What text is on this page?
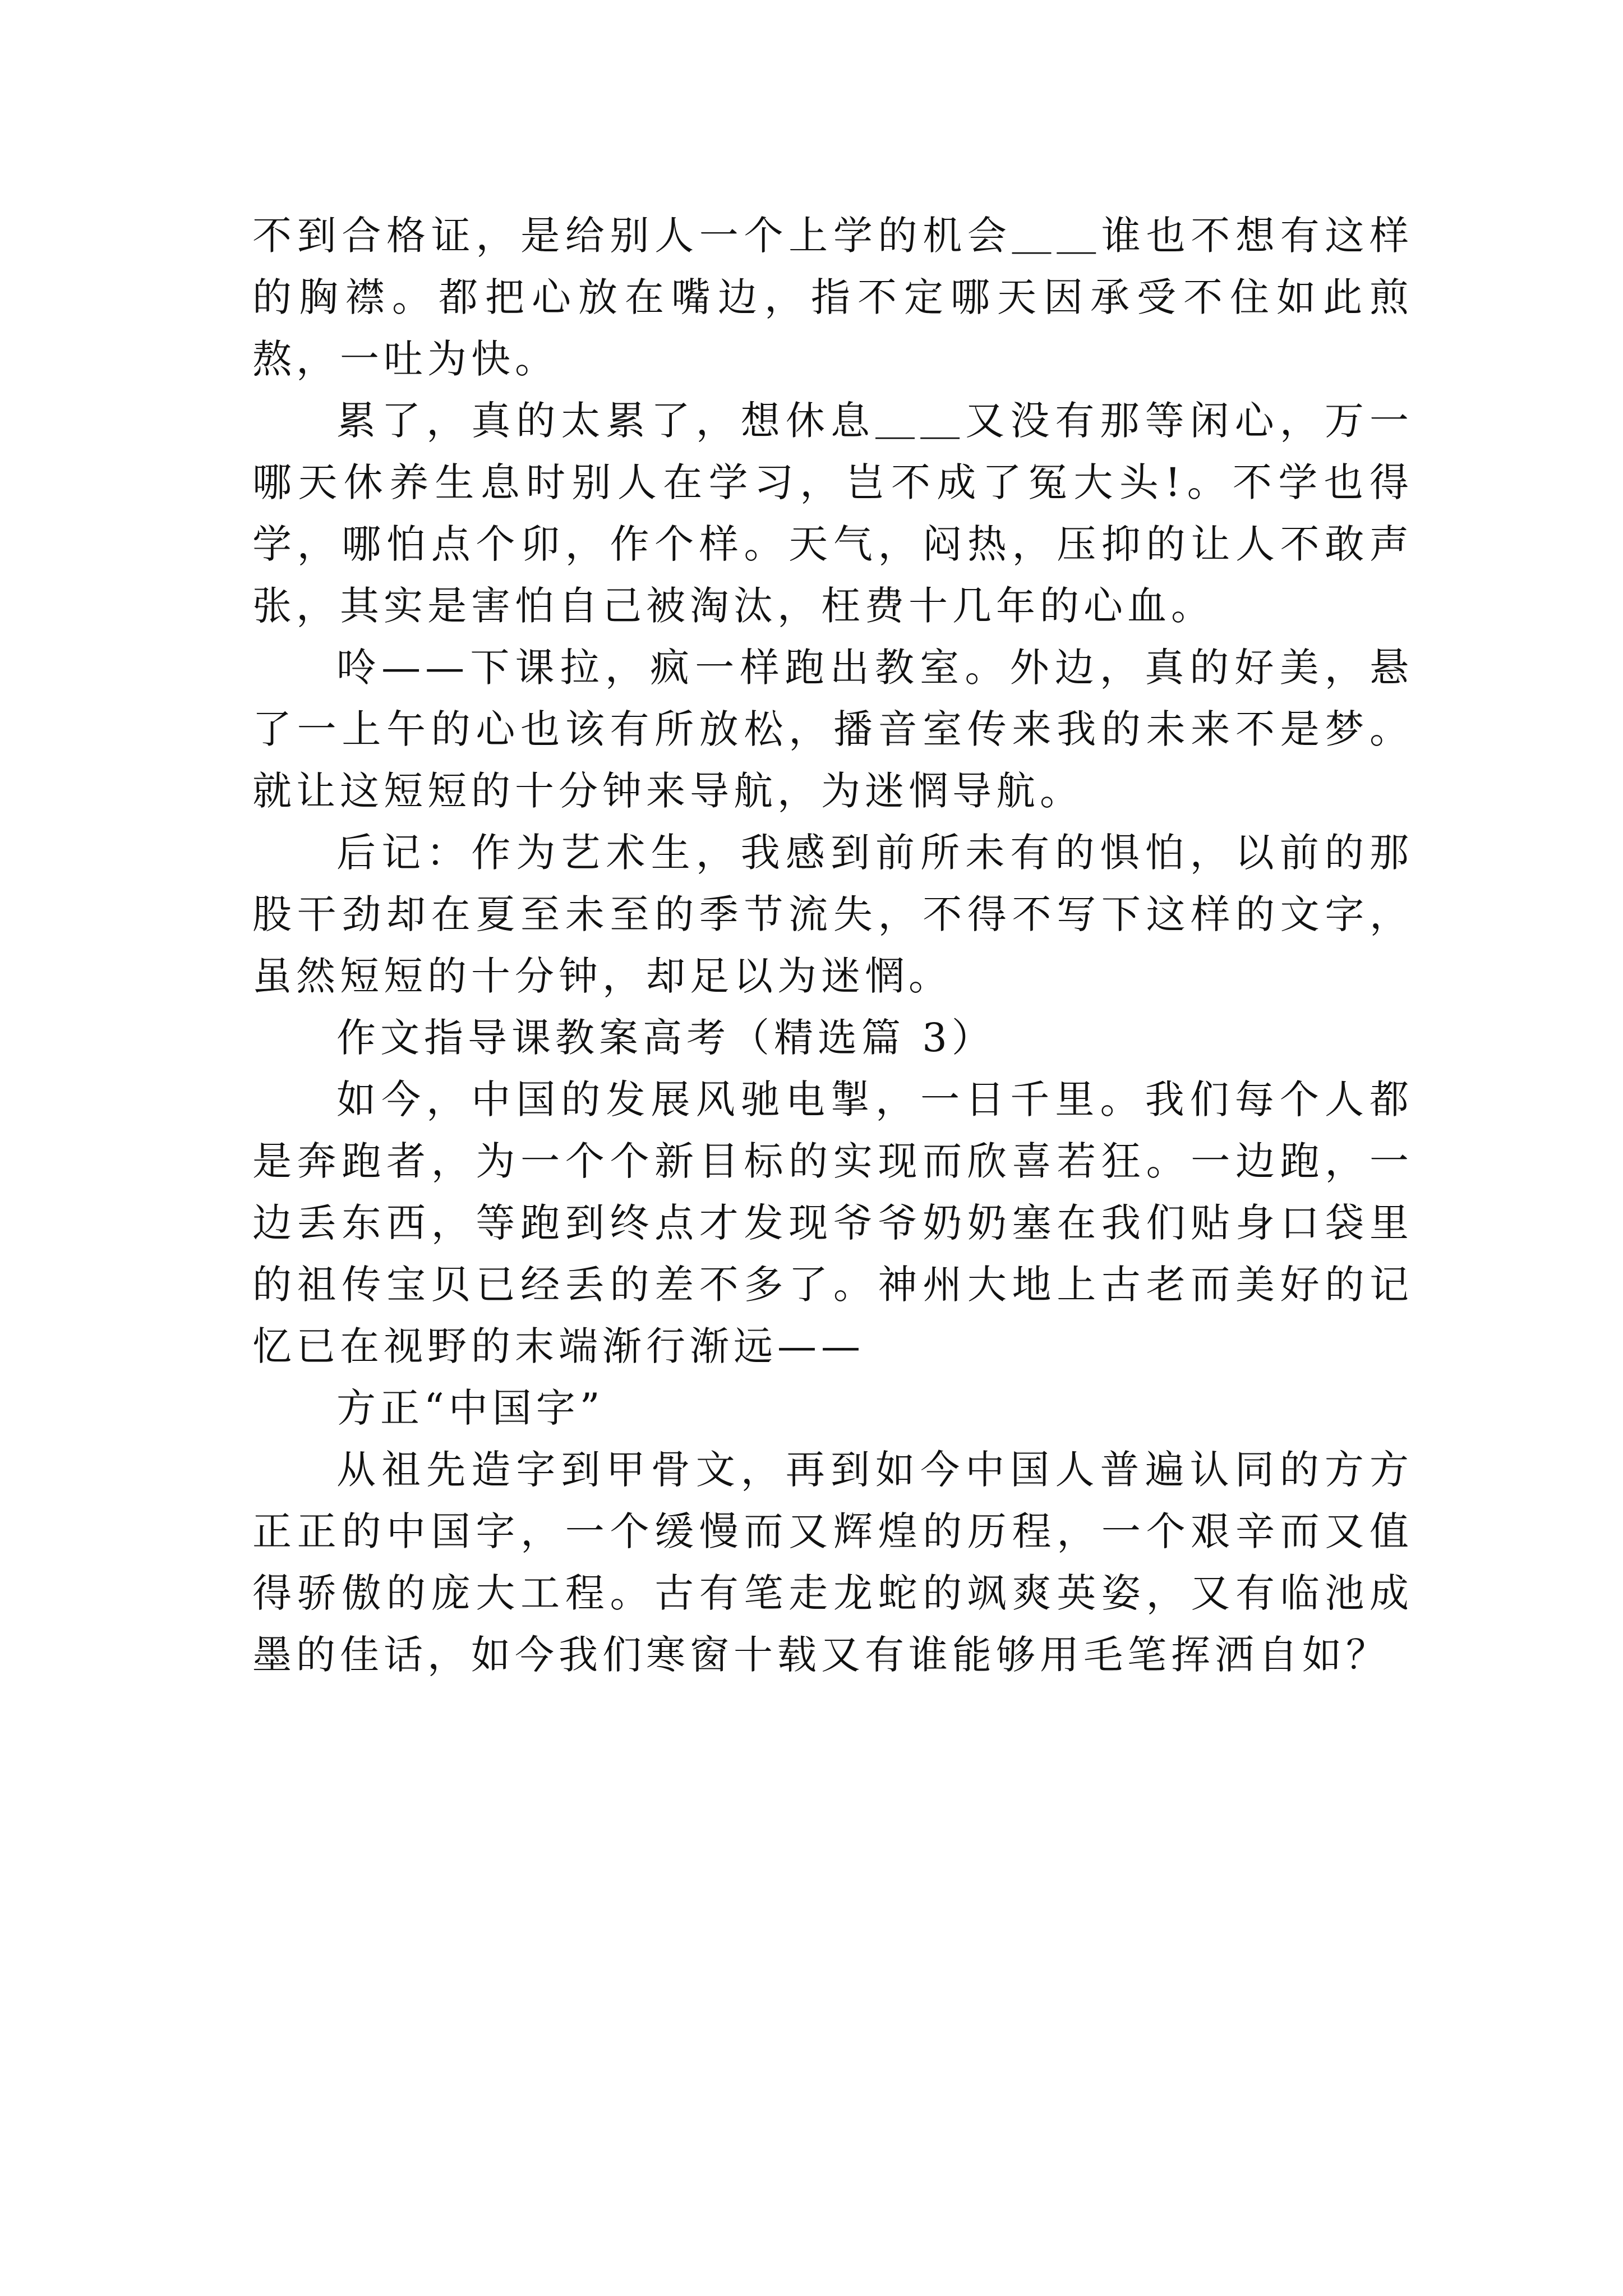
不到合格证，是给别人一个上学的机会＿＿谁也不想有这样的胸襟。都把心放在嘴边，指不定哪天因承受不住如此煎熬，一吐为快。

累了，真的太累了，想休息＿＿又没有那等闲心，万一哪天休养生息时别人在学习，岂不成了冤大头!。不学也得学，哪怕点个卯，作个样。天气，闷热，压抑的让人不敢声张，其实是害怕自己被淘汰，枉费十几年的心血。

呤——下课拉，疯一样跑出教室。外边，真的好美，悬了一上午的心也该有所放松，播音室传来我的未来不是梦。就让这短短的十分钟来导航，为迷惘导航。

后记：作为艺术生，我感到前所未有的惧怕，以前的那股干劲却在夏至未至的季节流失，不得不写下这样的文字，虽然短短的十分钟，却足以为迷惘。

作文指导课教案高考（精选篇 3）

如今，中国的发展风驰电掣，一日千里。我们每个人都是奔跑者，为一个个新目标的实现而欣喜若狂。一边跑，一边丢东西，等跑到终点才发现爷爷奶奶塞在我们贴身口袋里的祖传宝贝已经丢的差不多了。神州大地上古老而美好的记忆已在视野的末端渐行渐远——

方正“中国字”

从祖先造字到甲骨文，再到如今中国人普遍认同的方方正正的中国字，一个缓慢而又辉煌的历程，一个艰辛而又值得骄傲的庞大工程。古有笔走龙蛇的飒爽英姿，又有临池成墨的佳话，如今我们寒窗十载又有谁能够用毛笔挥洒自如？
